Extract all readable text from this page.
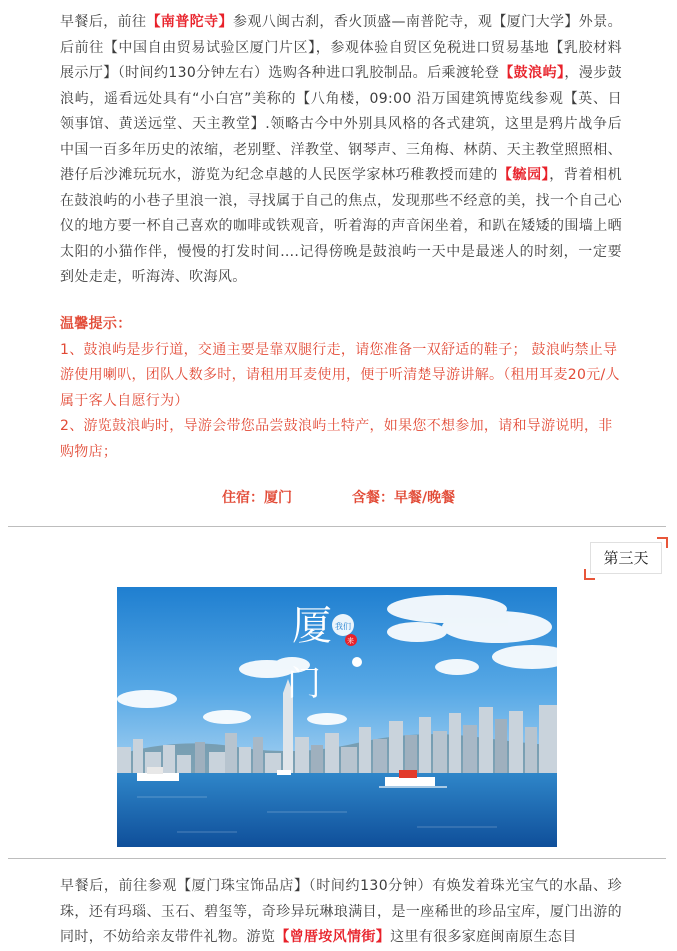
早餐后，前往【南普陀寺】参观八闽古刹，香火顶盛—南普陀寺，观【厦门大学】外景。后前往【中国自由贸易试验区厦门片区】，参观体验自贸区免税进口贸易基地【乳胶材料展示厅】（时间约130分钟左右）选购各种进口乳胶制品。后乘渡轮登【鼓浪屿】，漫步鼓浪屿，遥看远处具有“小白宫”美称的【八角楼，09:00 沿万国建筑博览线参观【英、日领事馆、黄送远堂、天主教堂】.领略古今中外别具风格的各式建筑，这里是鸦片战争后中国一百多年历史的浓缩，老别墅、洋教堂、钢琴声、三角梅、林荫、天主教堂照照相、港仔后沙滩玩玩水，游览为纪念卓越的人民医学家林巧稚教授而建的【毓园】，背着相机在鼓浪屿的小巷子里浪一浪，寻找属于自己的焦点，发现那些不经意的美，找一个自己心仪的地方要一杯自己喜欢的咖啡或铁观音，听着海的声音闲坐着，和趴在矮矮的围墙上晒太阳的小猫作伴，慢慢的打发时间….记得傍晚是鼓浪屿一天中是最迷人的时刻，一定要到处走走，听海涛、吹海风。

温馨提示：

1、鼓浪屿是步行道，交通主要是靠双腿行走，请您准备一双舒适的鞋子； 鼓浪屿禁止导游使用喇叭，团队人数多时，请租用耳麦使用，便于听清楚导游讲解。（租用耳麦20元/人属于客人自愿行为）

2、游览鼓浪屿时，导游会带您品尝鼓浪屿土特产，如果您不想参加，请和导游说明，非购物店；

住宿：厦门	含餐：早餐/晚餐
第三天
厦
门
我们
来

早餐后，前往参观【厦门珠宝饰品店】（时间约130分钟）有焕发着珠光宝气的水晶、珍珠，还有玛瑙、玉石、碧玺等，奇珍异玩琳琅满目，是一座稀世的珍品宝库，厦门出游的同时，不妨给亲友带件礼物。游览【曾厝垵风情街】这里有很多家庭闽南原生态目
